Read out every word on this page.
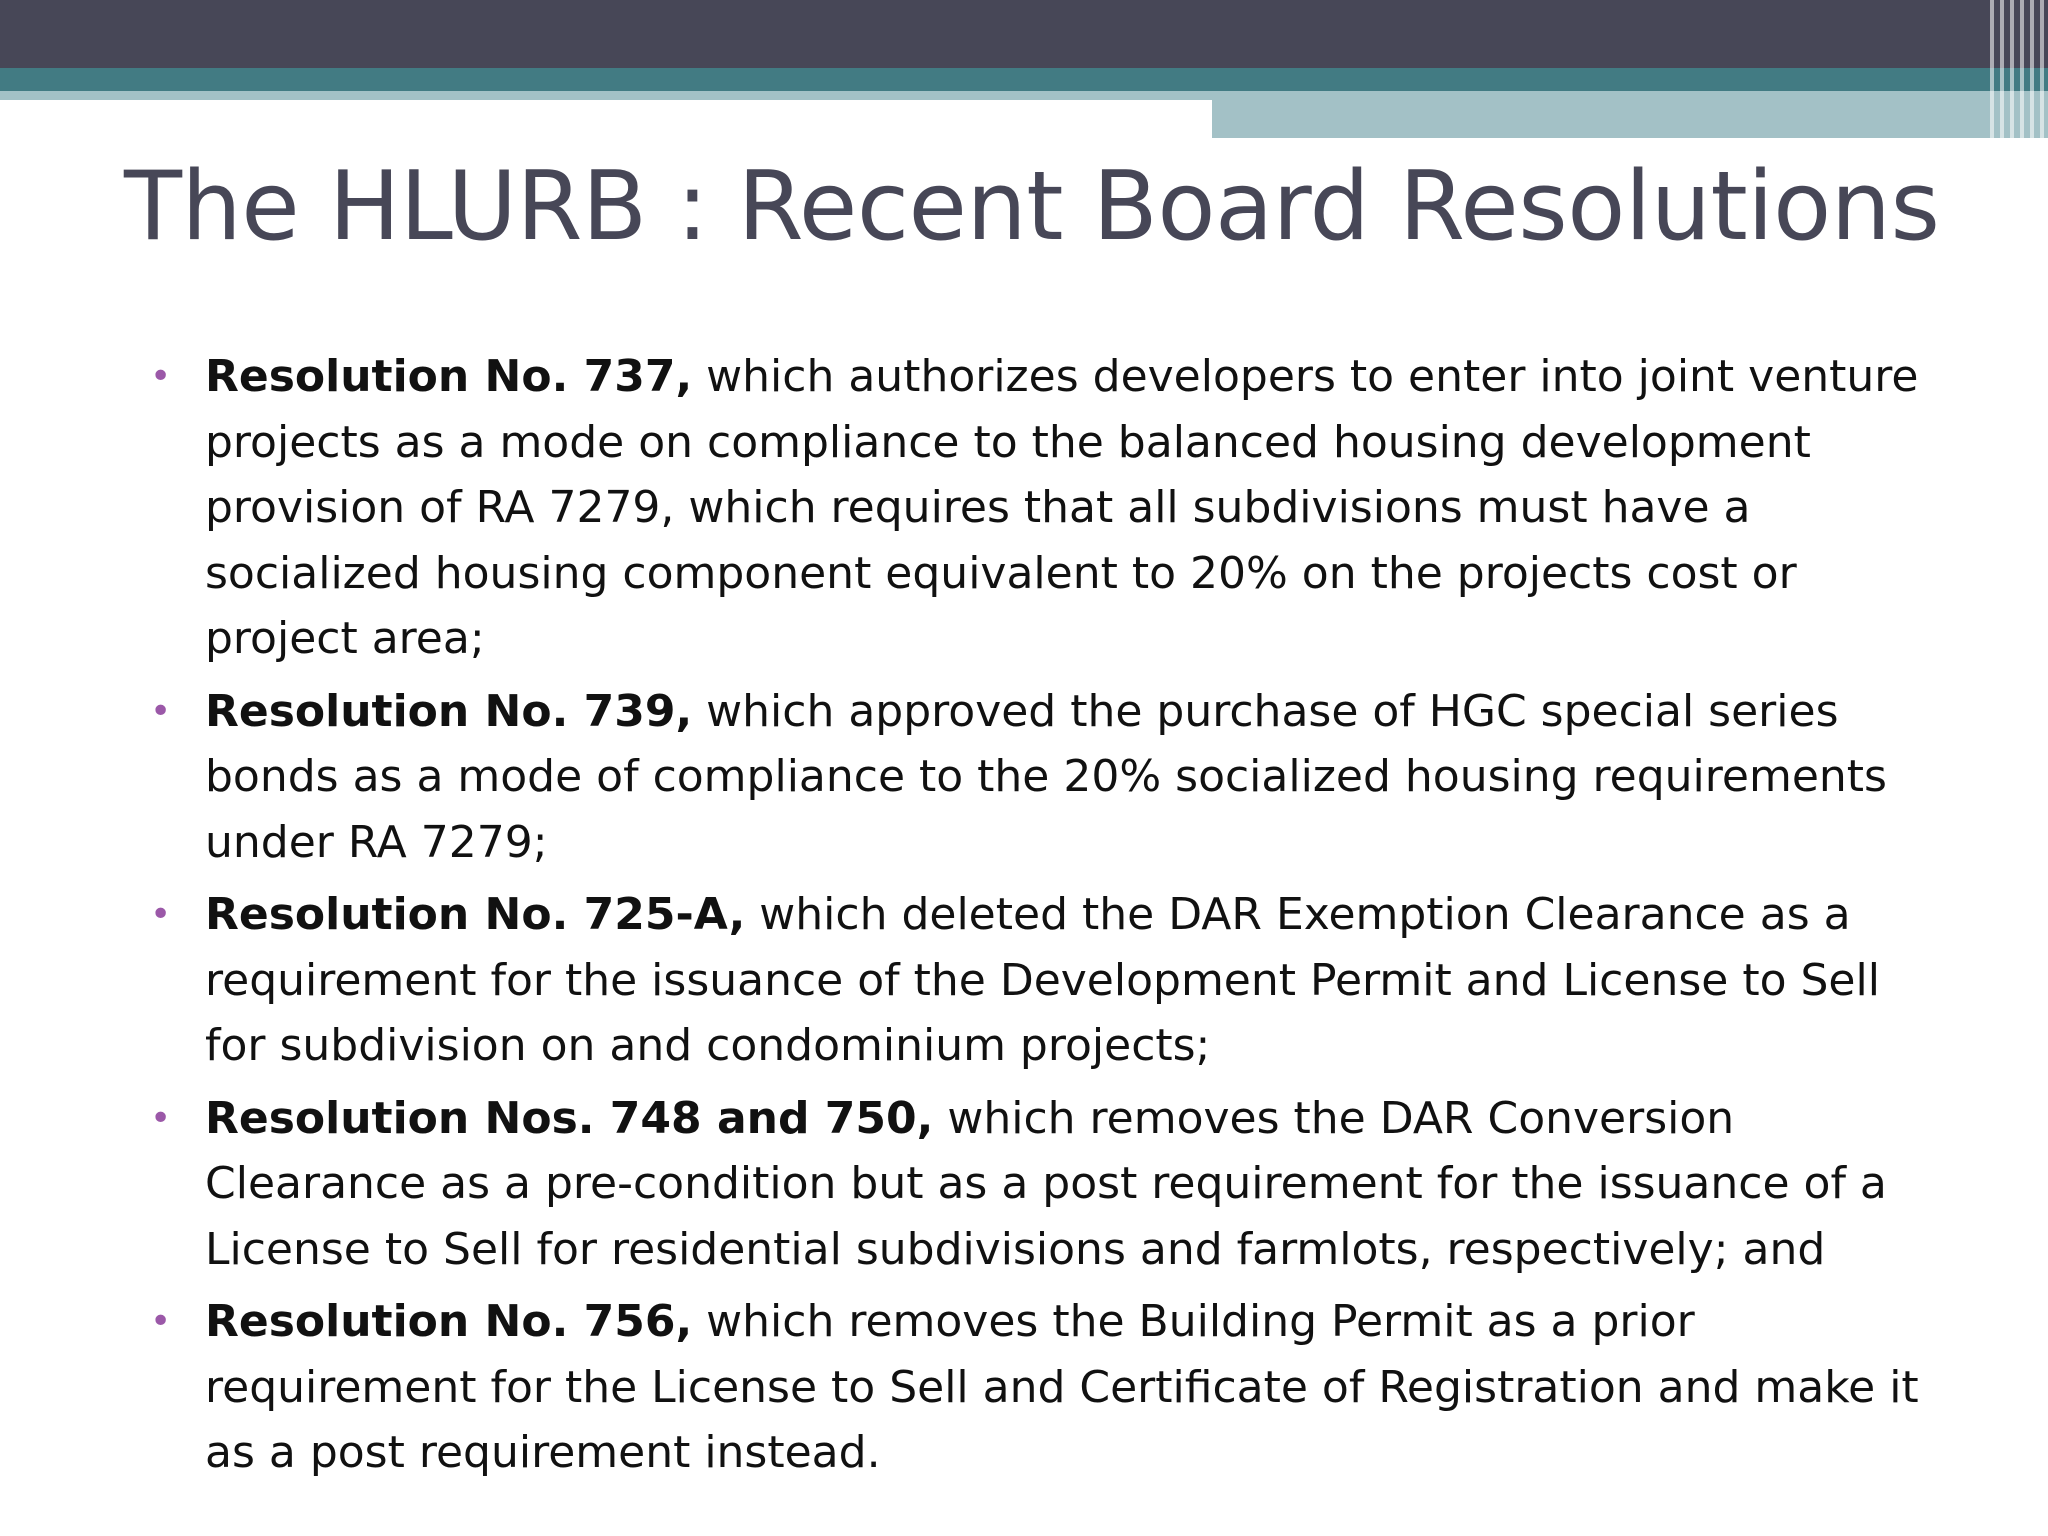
The HLURB : Recent Board Resolutions
• Resolution No. 737, which authorizes developers to enter into joint venture projects as a mode on compliance to the balanced housing development provision of RA 7279, which requires that all subdivisions must have a socialized housing component equivalent to 20% on the projects cost or project area;
• Resolution No. 739, which approved the purchase of HGC special series bonds as a mode of compliance to the 20% socialized housing requirements under RA 7279;
• Resolution No. 725-A, which deleted the DAR Exemption Clearance as a requirement for the issuance of the Development Permit and License to Sell for subdivision on and condominium projects;
• Resolution Nos. 748 and 750, which removes the DAR Conversion Clearance as a pre-condition but as a post requirement for the issuance of a License to Sell for residential subdivisions and farmlots, respectively; and
• Resolution No. 756, which removes the Building Permit as a prior requirement for the License to Sell and Certificate of Registration and make it as a post requirement instead.
